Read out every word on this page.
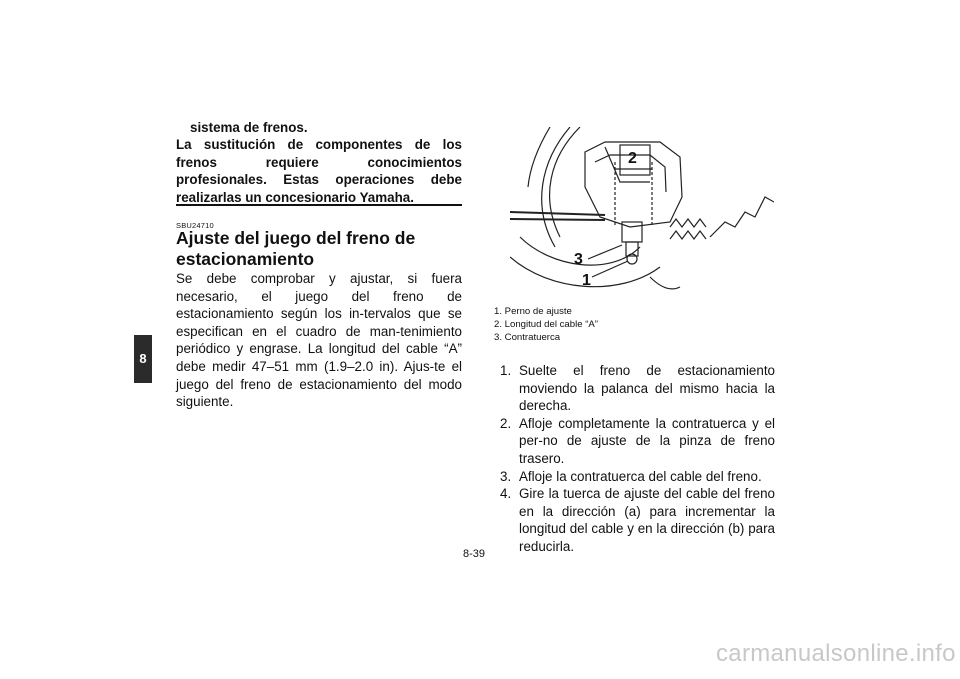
8
sistema de frenos.
La sustitución de componentes de los frenos requiere conocimientos profesionales. Estas operaciones debe realizarlas un concesionario Yamaha.
SBU24710
Ajuste del juego del freno de estacionamiento
Se debe comprobar y ajustar, si fuera necesario, el juego del freno de estacionamiento según los in-tervalos que se especifican en el cuadro de man-tenimiento periódico y engrase. La longitud del cable “A” debe medir 47–51 mm (1.9–2.0 in). Ajus-te el juego del freno de estacionamiento del modo siguiente.
2
3
1
1. Perno de ajuste
2. Longitud del cable “A”
3. Contratuerca
1. Suelte el freno de estacionamiento moviendo la palanca del mismo hacia la derecha.
2. Afloje completamente la contratuerca y el per-no de ajuste de la pinza de freno trasero.
3. Afloje la contratuerca del cable del freno.
4. Gire la tuerca de ajuste del cable del freno en la dirección (a) para incrementar la longitud del cable y en la dirección (b) para reducirla.
8-39
carmanualsonline.info
